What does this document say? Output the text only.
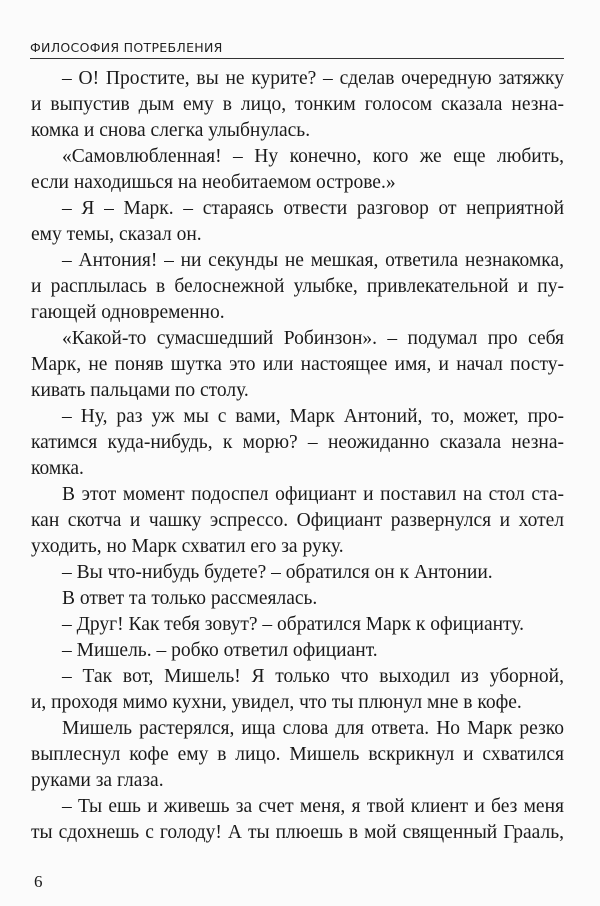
ФИЛОСОФИЯ ПОТРЕБЛЕНИЯ
– О! Простите, вы не курите? – сделав очередную затяжку
и выпустив дым ему в лицо, тонким голосом сказала незна-
комка и снова слегка улыбнулась.
«Самовлюбленная! – Ну конечно, кого же еще любить,
если находишься на необитаемом острове.»
– Я – Марк. – стараясь отвести разговор от неприятной
ему темы, сказал он.
– Антония! – ни секунды не мешкая, ответила незнакомка,
и расплылась в белоснежной улыбке, привлекательной и пу-
гающей одновременно.
«Какой-то сумасшедший Робинзон». – подумал про себя
Марк, не поняв шутка это или настоящее имя, и начал посту-
кивать пальцами по столу.
– Ну, раз уж мы с вами, Марк Антоний, то, может, про-
катимся куда-нибудь, к морю? – неожиданно сказала незна-
комка.
В этот момент подоспел официант и поставил на стол ста-
кан скотча и чашку эспрессо. Официант развернулся и хотел
уходить, но Марк схватил его за руку.
– Вы что-нибудь будете? – обратился он к Антонии.
В ответ та только рассмеялась.
– Друг! Как тебя зовут? – обратился Марк к официанту.
– Мишель. – робко ответил официант.
– Так вот, Мишель! Я только что выходил из уборной,
и, проходя мимо кухни, увидел, что ты плюнул мне в кофе.
Мишель растерялся, ища слова для ответа. Но Марк резко
выплеснул кофе ему в лицо. Мишель вскрикнул и схватился
руками за глаза.
– Ты ешь и живешь за счет меня, я твой клиент и без меня
ты сдохнешь с голоду! А ты плюешь в мой священный Грааль,
6
